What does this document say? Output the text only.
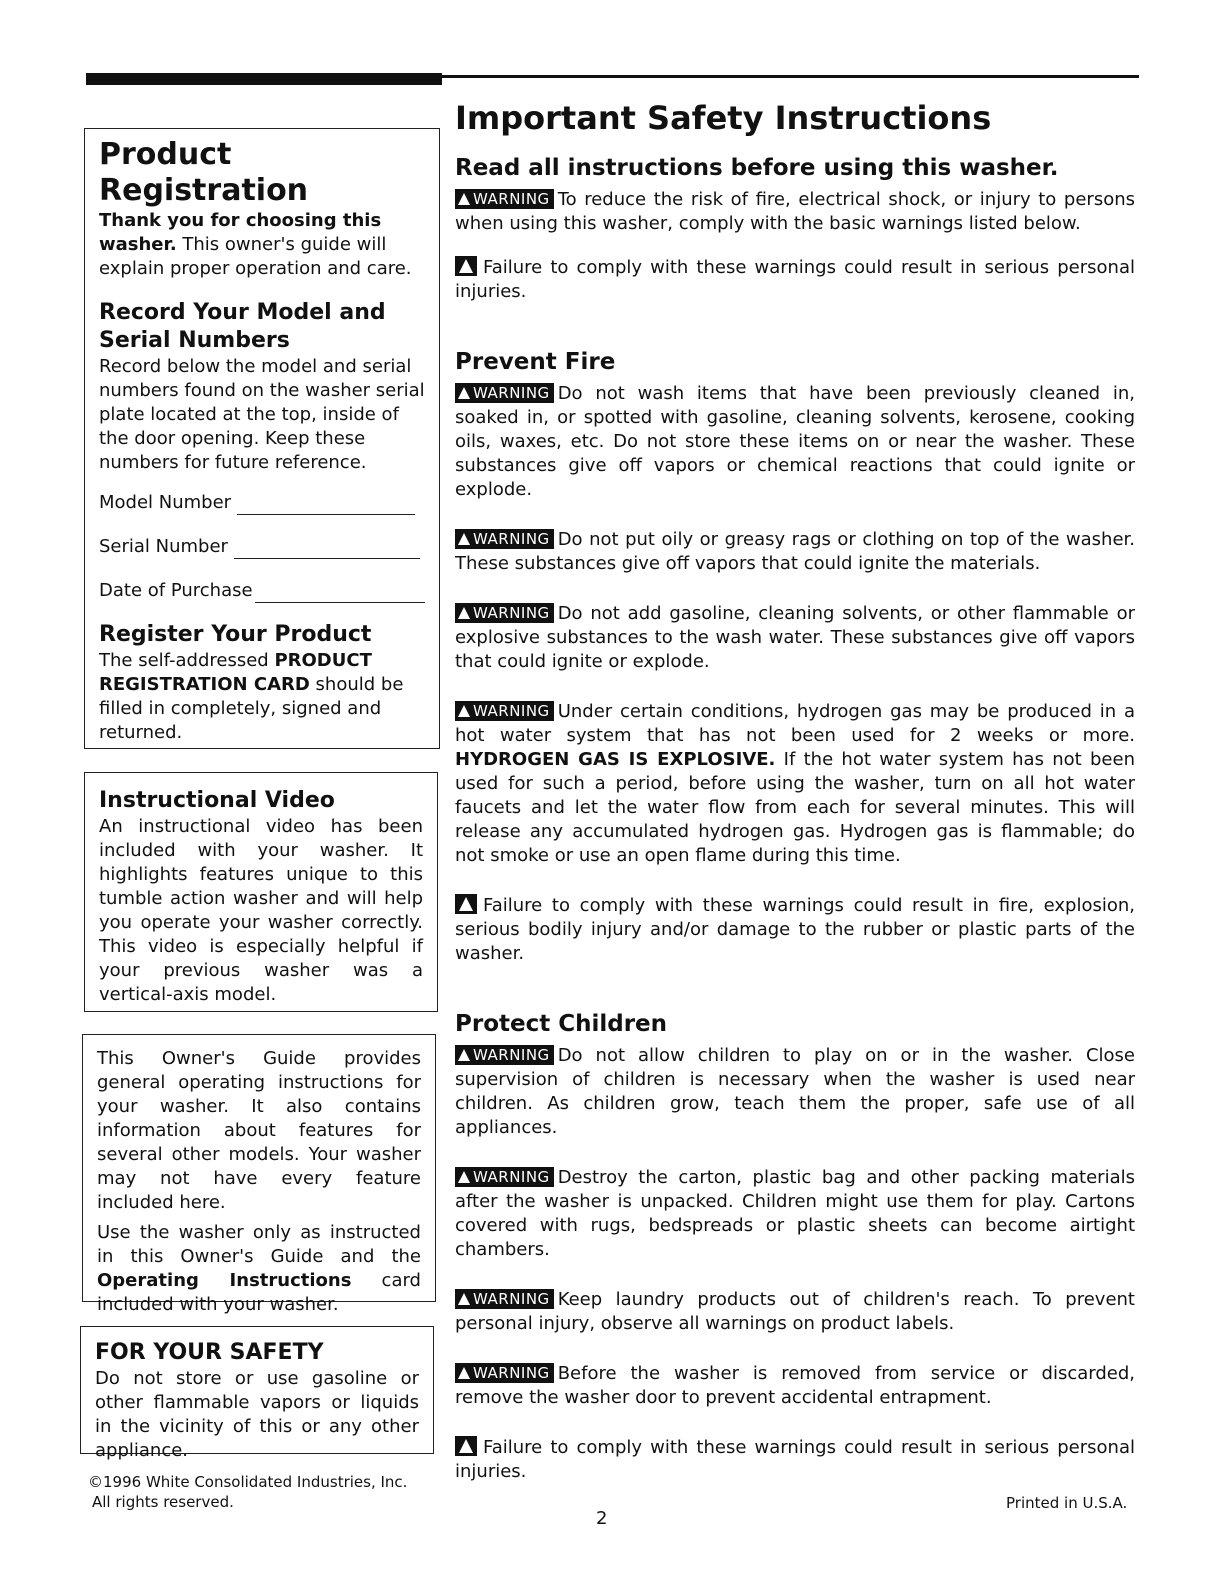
Product Registration

Thank you for choosing this washer. This owner's guide will explain proper operation and care.

Record Your Model and Serial Numbers

Record below the model and serial numbers found on the washer serial plate located at the top, inside of the door opening. Keep these numbers for future reference.

Model Number
Serial Number
Date of Purchase
Register Your Product

The self-addressed PRODUCT REGISTRATION CARD should be filled in completely, signed and returned.

Instructional Video

An instructional video has been included with your washer. It highlights features unique to this tumble action washer and will help you operate your washer correctly. This video is especially helpful if your previous washer was a vertical-axis model.

This Owner's Guide provides general operating instructions for your washer. It also contains information about features for several other models. Your washer may not have every feature included here.

Use the washer only as instructed in this Owner's Guide and the Operating Instructions card included with your washer.

FOR YOUR SAFETY

Do not store or use gasoline or other flammable vapors or liquids in the vicinity of this or any other appliance.

©1996 White Consolidated Industries, Inc.
All rights reserved.
Important Safety Instructions
Read all instructions before using this washer.

WARNING To reduce the risk of fire, electrical shock, or injury to persons when using this washer, comply with the basic warnings listed below.

Failure to comply with these warnings could result in serious personal injuries.

Prevent Fire

WARNING Do not wash items that have been previously cleaned in, soaked in, or spotted with gasoline, cleaning solvents, kerosene, cooking oils, waxes, etc. Do not store these items on or near the washer. These substances give off vapors or chemical reactions that could ignite or explode.

WARNING Do not put oily or greasy rags or clothing on top of the washer. These substances give off vapors that could ignite the materials.

WARNING Do not add gasoline, cleaning solvents, or other flammable or explosive substances to the wash water. These substances give off vapors that could ignite or explode.

WARNING Under certain conditions, hydrogen gas may be produced in a hot water system that has not been used for 2 weeks or more. HYDROGEN GAS IS EXPLOSIVE. If the hot water system has not been used for such a period, before using the washer, turn on all hot water faucets and let the water flow from each for several minutes. This will release any accumulated hydrogen gas. Hydrogen gas is flammable; do not smoke or use an open flame during this time.

Failure to comply with these warnings could result in fire, explosion, serious bodily injury and/or damage to the rubber or plastic parts of the washer.

Protect Children

WARNING Do not allow children to play on or in the washer. Close supervision of children is necessary when the washer is used near children. As children grow, teach them the proper, safe use of all appliances.

WARNING Destroy the carton, plastic bag and other packing materials after the washer is unpacked. Children might use them for play. Cartons covered with rugs, bedspreads or plastic sheets can become airtight chambers.

WARNING Keep laundry products out of children's reach. To prevent personal injury, observe all warnings on product labels.

WARNING Before the washer is removed from service or discarded, remove the washer door to prevent accidental entrapment.

Failure to comply with these warnings could result in serious personal injuries.

2
Printed in U.S.A.
